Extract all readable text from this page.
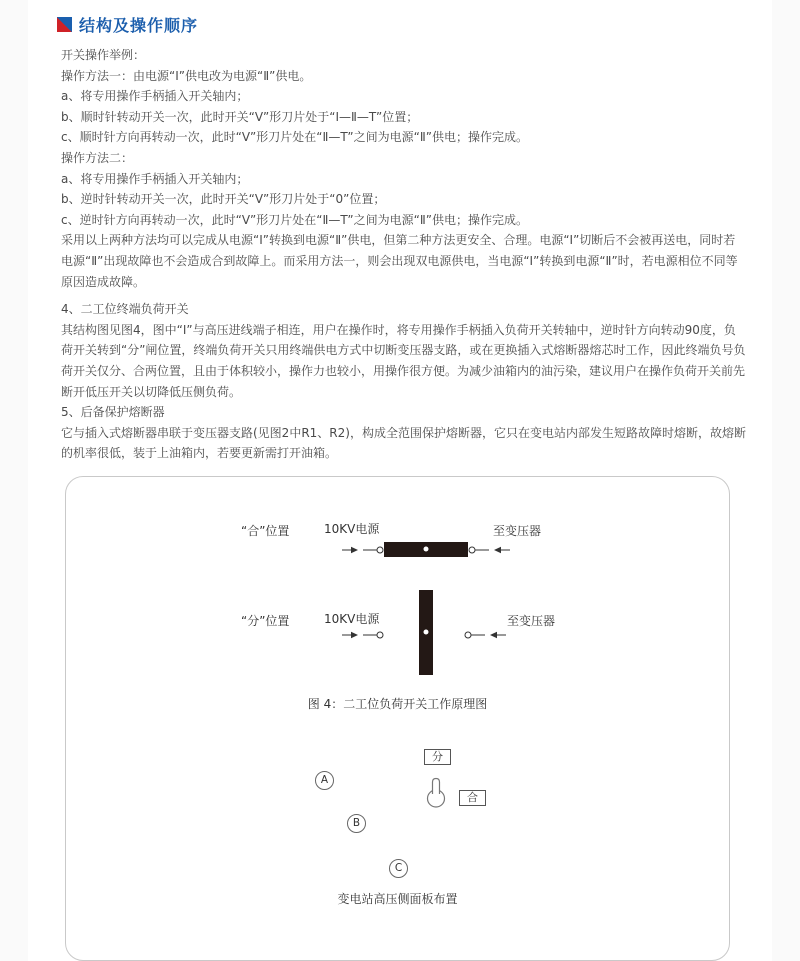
结构及操作顺序

开关操作举例：

操作方法一：由电源“Ⅰ”供电改为电源“Ⅱ”供电。

a、将专用操作手柄插入开关轴内；

b、顺时针转动开关一次，此时开关“V”形刀片处于“Ⅰ—Ⅱ—T”位置；

c、顺时针方向再转动一次，此时“V”形刀片处在“Ⅱ—T”之间为电源“Ⅱ”供电；操作完成。

操作方法二：

a、将专用操作手柄插入开关轴内；

b、逆时针转动开关一次，此时开关“V”形刀片处于“0”位置；

c、逆时针方向再转动一次，此时“V”形刀片处在“Ⅱ—T”之间为电源“Ⅱ”供电；操作完成。

采用以上两种方法均可以完成从电源“Ⅰ”转换到电源“Ⅱ”供电，但第二种方法更安全、合理。电源“Ⅰ”切断后不会被再送电，同时若电源“Ⅱ”出现故障也不会造成合到故障上。而采用方法一，则会出现双电源供电，当电源“Ⅰ”转换到电源“Ⅱ”时，若电源相位不同等原因造成故障。

4、二工位终端负荷开关

其结构图见图4，图中“Ⅰ”与高压进线端子相连，用户在操作时，将专用操作手柄插入负荷开关转轴中，逆时针方向转动90度，负荷开关转到“分”闸位置，终端负荷开关只用终端供电方式中切断变压器支路，或在更换插入式熔断器熔芯时工作，因此终端负号负荷开关仅分、合两位置，且由于体积较小，操作力也较小，用操作很方便。为减少油箱内的油污染，建议用户在操作负荷开关前先断开低压开关以切降低压侧负荷。

5、后备保护熔断器

它与插入式熔断器串联于变压器支路(见图2中R1、R2)，构成全范围保护熔断器，它只在变电站内部发生短路故障时熔断，故熔断的机率很低，装于上油箱内，若要更新需打开油箱。

“合”位置	10KV电源	至变压器
“分”位置	10KV电源	至变压器
图 4：二工位负荷开关工作原理图
分
A
合
B
C
变电站高压侧面板布置
